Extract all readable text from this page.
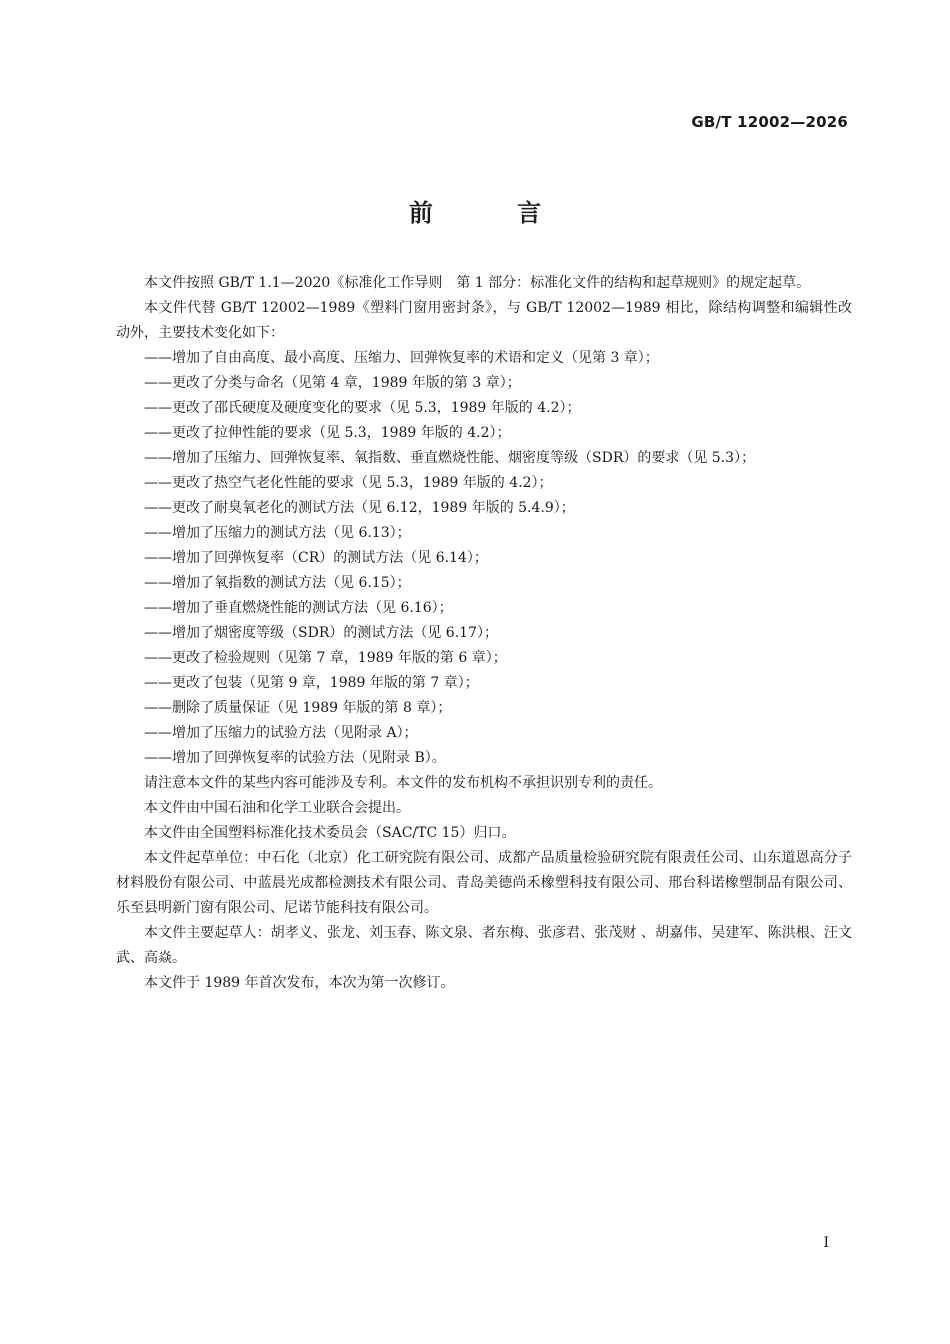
GB/T 12002—2026
前 言

本文件按照 GB/T 1.1—2020《标准化工作导则　第 1 部分：标准化文件的结构和起草规则》的规定起草。

本文件代替 GB/T 12002—1989《塑料门窗用密封条》，与 GB/T 12002—1989 相比，除结构调整和编辑性改动外，主要技术变化如下：

——增加了自由高度、最小高度、压缩力、回弹恢复率的术语和定义（见第 3 章）；
——更改了分类与命名（见第 4 章，1989 年版的第 3 章）；
——更改了邵氏硬度及硬度变化的要求（见 5.3，1989 年版的 4.2）；
——更改了拉伸性能的要求（见 5.3，1989 年版的 4.2）；
——增加了压缩力、回弹恢复率、氧指数、垂直燃烧性能、烟密度等级（SDR）的要求（见 5.3）；
——更改了热空气老化性能的要求（见 5.3，1989 年版的 4.2）；
——更改了耐臭氧老化的测试方法（见 6.12，1989 年版的 5.4.9）；
——增加了压缩力的测试方法（见 6.13）；
——增加了回弹恢复率（CR）的测试方法（见 6.14）；
——增加了氧指数的测试方法（见 6.15）；
——增加了垂直燃烧性能的测试方法（见 6.16）；
——增加了烟密度等级（SDR）的测试方法（见 6.17）；
——更改了检验规则（见第 7 章，1989 年版的第 6 章）；
——更改了包装（见第 9 章，1989 年版的第 7 章）；
——删除了质量保证（见 1989 年版的第 8 章）；
——增加了压缩力的试验方法（见附录 A）；
——增加了回弹恢复率的试验方法（见附录 B）。

请注意本文件的某些内容可能涉及专利。本文件的发布机构不承担识别专利的责任。

本文件由中国石油和化学工业联合会提出。

本文件由全国塑料标准化技术委员会（SAC/TC 15）归口。

本文件起草单位：中石化（北京）化工研究院有限公司、成都产品质量检验研究院有限责任公司、山东道恩高分子材料股份有限公司、中蓝晨光成都检测技术有限公司、青岛美德尚禾橡塑科技有限公司、邢台科诺橡塑制品有限公司、乐至县明新门窗有限公司、尼诺节能科技有限公司。

本文件主要起草人：胡孝义、张龙、刘玉春、陈文泉、者东梅、张彦君、张茂财 、胡嘉伟、吴建军、陈洪根、汪文武、高焱。

本文件于 1989 年首次发布，本次为第一次修订。

I
